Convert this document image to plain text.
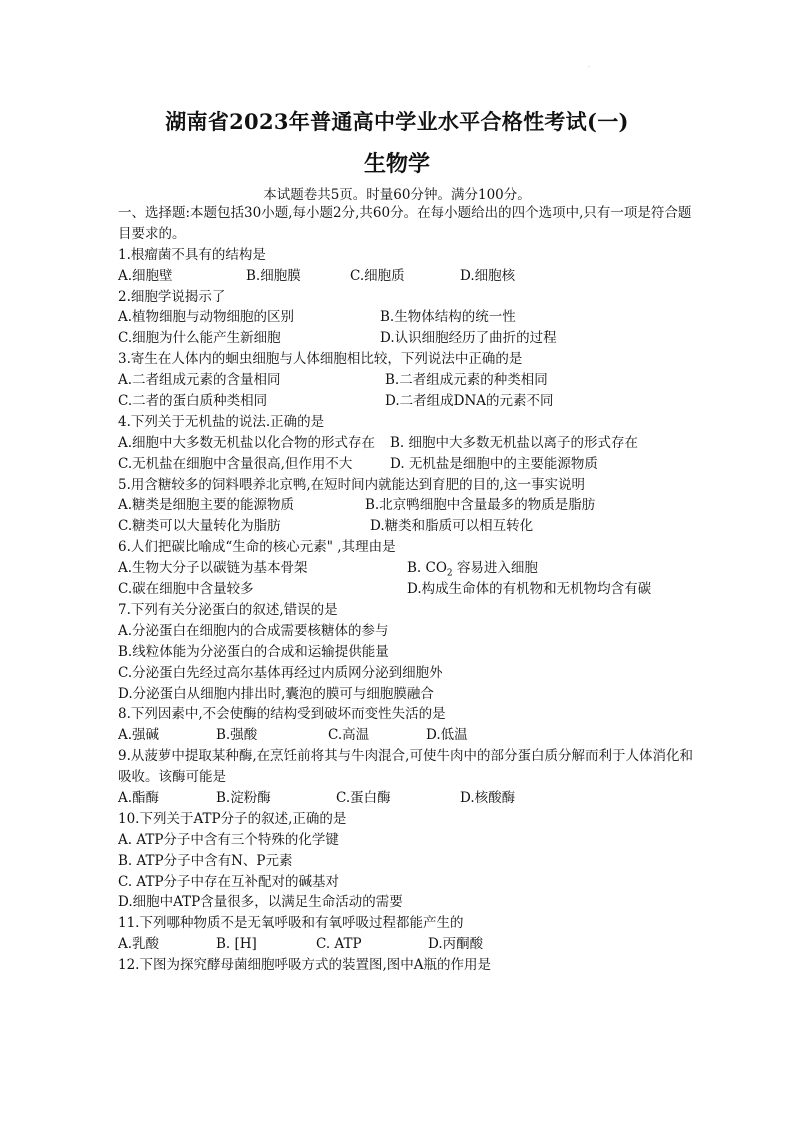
·
湖南省2023年普通高中学业水平合格性考试(一)
生物学
本试题卷共5页。时量60分钟。满分100分。
一、选择题:本题包括30小题,每小题2分,共60分。在每小题给出的四个选项中,只有一项是符合题目要求的。
1.根瘤菌不具有的结构是
A.细胞壁	B.细胞膜	C.细胞质	D.细胞核
2.细胞学说揭示了
A.植物细胞与动物细胞的区别	B.生物体结构的统一性
C.细胞为什么能产生新细胞	D.认识细胞经历了曲折的过程
3.寄生在人体内的蛔虫细胞与人体细胞相比较，下列说法中正确的是
A.二者组成元素的含量相同	B.二者组成元素的种类相同
C.二者的蛋白质种类相同	D.二者组成DNA的元素不同
4.下列关于无机盐的说法.正确的是
A.细胞中大多数无机盐以化合物的形式存在 B. 细胞中大多数无机盐以离子的形式存在
C.无机盐在细胞中含量很高,但作用不大	D. 无机盐是细胞中的主要能源物质
5.用含糖较多的饲料喂养北京鸭,在短时间内就能达到育肥的目的,这一事实说明
A.糖类是细胞主要的能源物质	B.北京鸭细胞中含量最多的物质是脂肪
C.糖类可以大量转化为脂肪	D.糖类和脂质可以相互转化
6.人们把碳比喻成“生命的核心元素" ,其理由是
A.生物大分子以碳链为基本骨架	B. $CO_2$ 容易进入细胞
C.碳在细胞中含量较多	D.构成生命体的有机物和无机物均含有碳
7.下列有关分泌蛋白的叙述,错误的是
A.分泌蛋白在细胞内的合成需要核糖体的参与
B.线粒体能为分泌蛋白的合成和运输提供能量
C.分泌蛋白先经过高尔基体再经过内质网分泌到细胞外
D.分泌蛋白从细胞内排出时,囊泡的膜可与细胞膜融合
8.下列因素中,不会使酶的结构受到破坏而变性失活的是
A.强碱	B.强酸	C.高温	D.低温
9.从菠萝中提取某种酶,在烹饪前将其与牛肉混合,可使牛肉中的部分蛋白质分解而利于人体消化和吸收。该酶可能是
A.酯酶	B.淀粉酶	C.蛋白酶	D.核酸酶
10.下列关于ATP分子的叙述,正确的是
A. ATP分子中含有三个特殊的化学键
B. ATP分子中含有N、P元素
C. ATP分子中存在互补配对的碱基对
D.细胞中ATP含量很多，以满足生命活动的需要
11.下列哪种物质不是无氧呼吸和有氧呼吸过程都能产生的
A.乳酸	B. [H]	C. ATP	D.丙酮酸
12.下图为探究酵母菌细胞呼吸方式的装置图,图中A瓶的作用是
